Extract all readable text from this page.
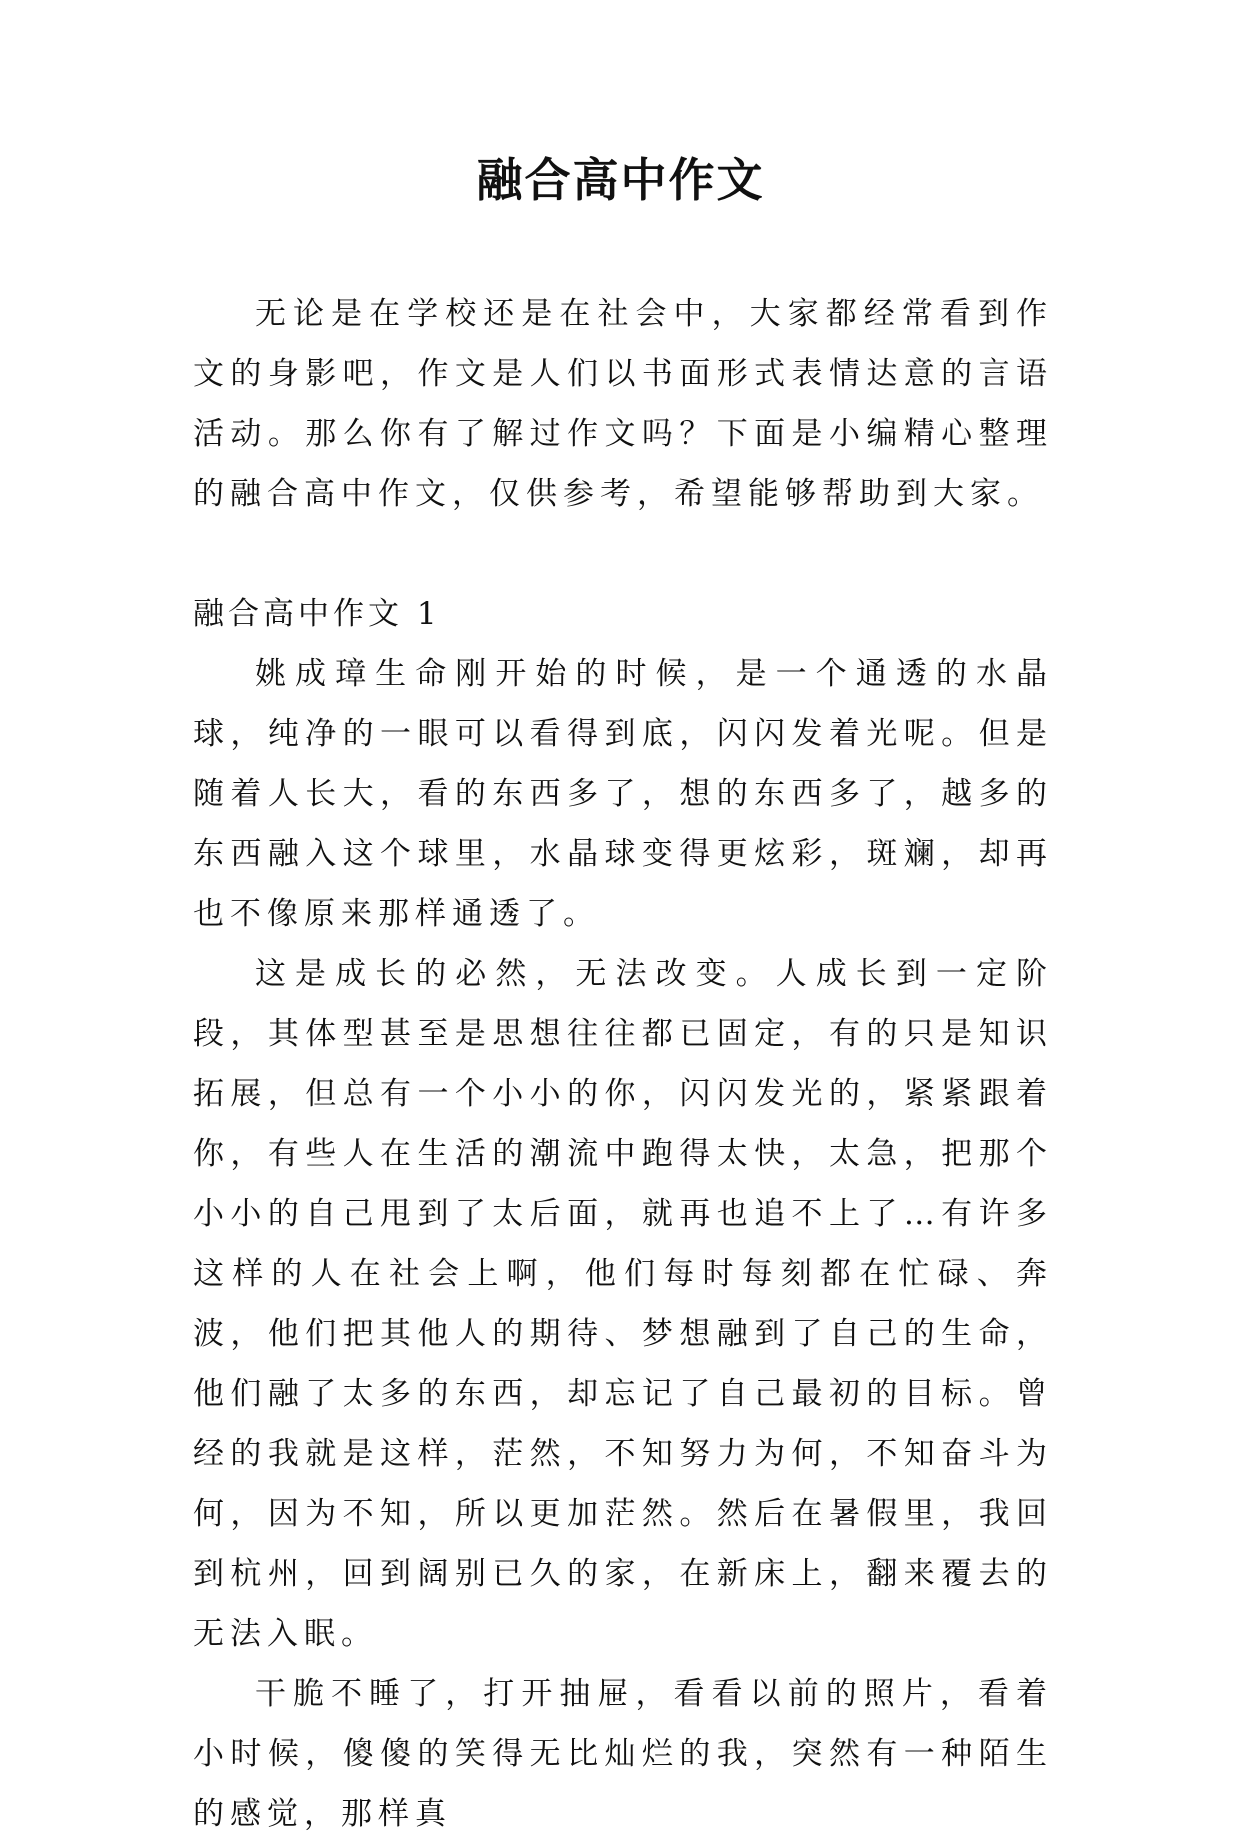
融合高中作文

无论是在学校还是在社会中，大家都经常看到作文的身影吧，作文是人们以书面形式表情达意的言语活动。那么你有了解过作文吗？下面是小编精心整理的融合高中作文，仅供参考，希望能够帮助到大家。

融合高中作文 1

姚成璋生命刚开始的时候，是一个通透的水晶球，纯净的一眼可以看得到底，闪闪发着光呢。但是随着人长大，看的东西多了，想的东西多了，越多的东西融入这个球里，水晶球变得更炫彩，斑斓，却再也不像原来那样通透了。

这是成长的必然，无法改变。人成长到一定阶段，其体型甚至是思想往往都已固定，有的只是知识拓展，但总有一个小小的你，闪闪发光的，紧紧跟着你，有些人在生活的潮流中跑得太快，太急，把那个小小的自己甩到了太后面，就再也追不上了…有许多这样的人在社会上啊，他们每时每刻都在忙碌、奔波，他们把其他人的期待、梦想融到了自己的生命，他们融了太多的东西，却忘记了自己最初的目标。曾经的我就是这样，茫然，不知努力为何，不知奋斗为何，因为不知，所以更加茫然。然后在暑假里，我回到杭州，回到阔别已久的家，在新床上，翻来覆去的无法入眠。

干脆不睡了，打开抽屉，看看以前的照片，看着小时候，傻傻的笑得无比灿烂的我，突然有一种陌生的感觉，那样真
